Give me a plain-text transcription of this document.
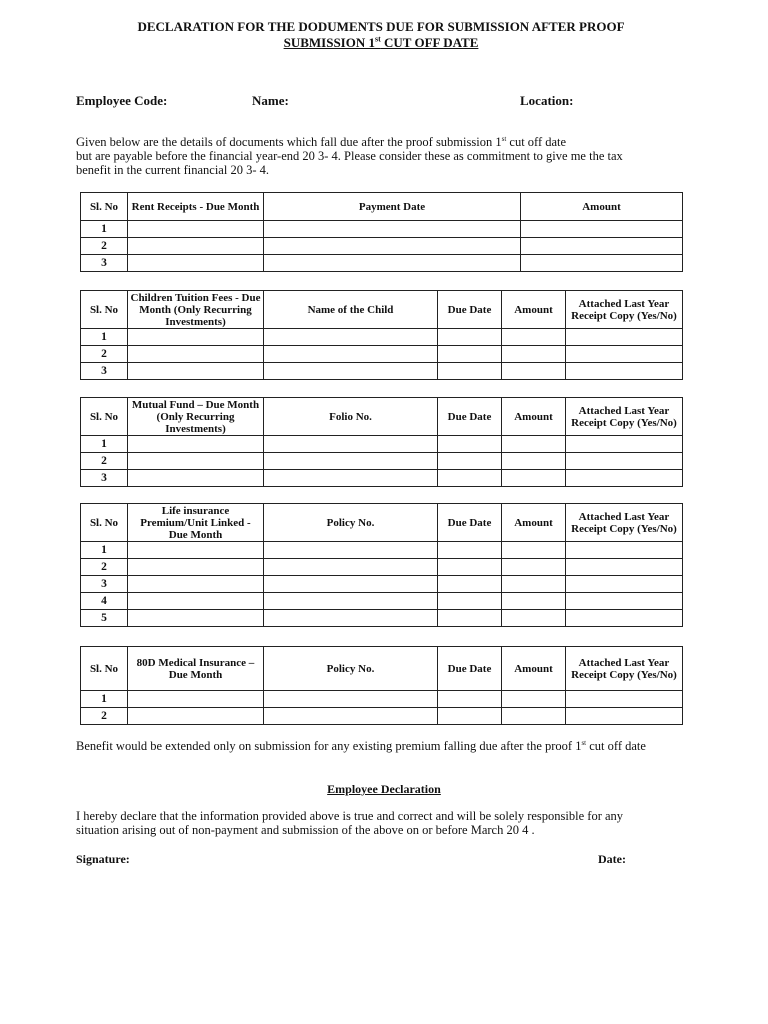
DECLARATION FOR THE DODUMENTS DUE FOR SUBMISSION AFTER PROOF
SUBMISSION 1st CUT OFF DATE
Employee Code:	Name:	Location:
Given below are the details of documents which fall due after the proof submission 1st cut off date
but are payable before the financial year-end 20 3- 4. Please consider these as commitment to give me the tax
benefit in the current financial 20 3- 4.
Sl. No	Rent Receipts - Due Month	Payment Date	Amount
1			
2			
3			
Sl. No	Children Tuition Fees - Due Month (Only Recurring Investments)	Name of the Child	Due Date	Amount	Attached Last Year Receipt Copy (Yes/No)
1					
2					
3					
Sl. No	Mutual Fund – Due Month (Only Recurring Investments)	Folio No.	Due Date	Amount	Attached Last Year Receipt Copy (Yes/No)
1					
2					
3					
Sl. No	Life insurance Premium/Unit Linked - Due Month	Policy No.	Due Date	Amount	Attached Last Year Receipt Copy (Yes/No)
1					
2					
3					
4					
5					
Sl. No	80D Medical Insurance – Due Month	Policy No.	Due Date	Amount	Attached Last Year Receipt Copy (Yes/No)
1					
2					
Benefit would be extended only on submission for any existing premium falling due after the proof 1st cut off date
Employee Declaration
I hereby declare that the information provided above is true and correct and will be solely responsible for any
situation arising out of non-payment and submission of the above on or before March 20 4 .
Signature:	Date:
